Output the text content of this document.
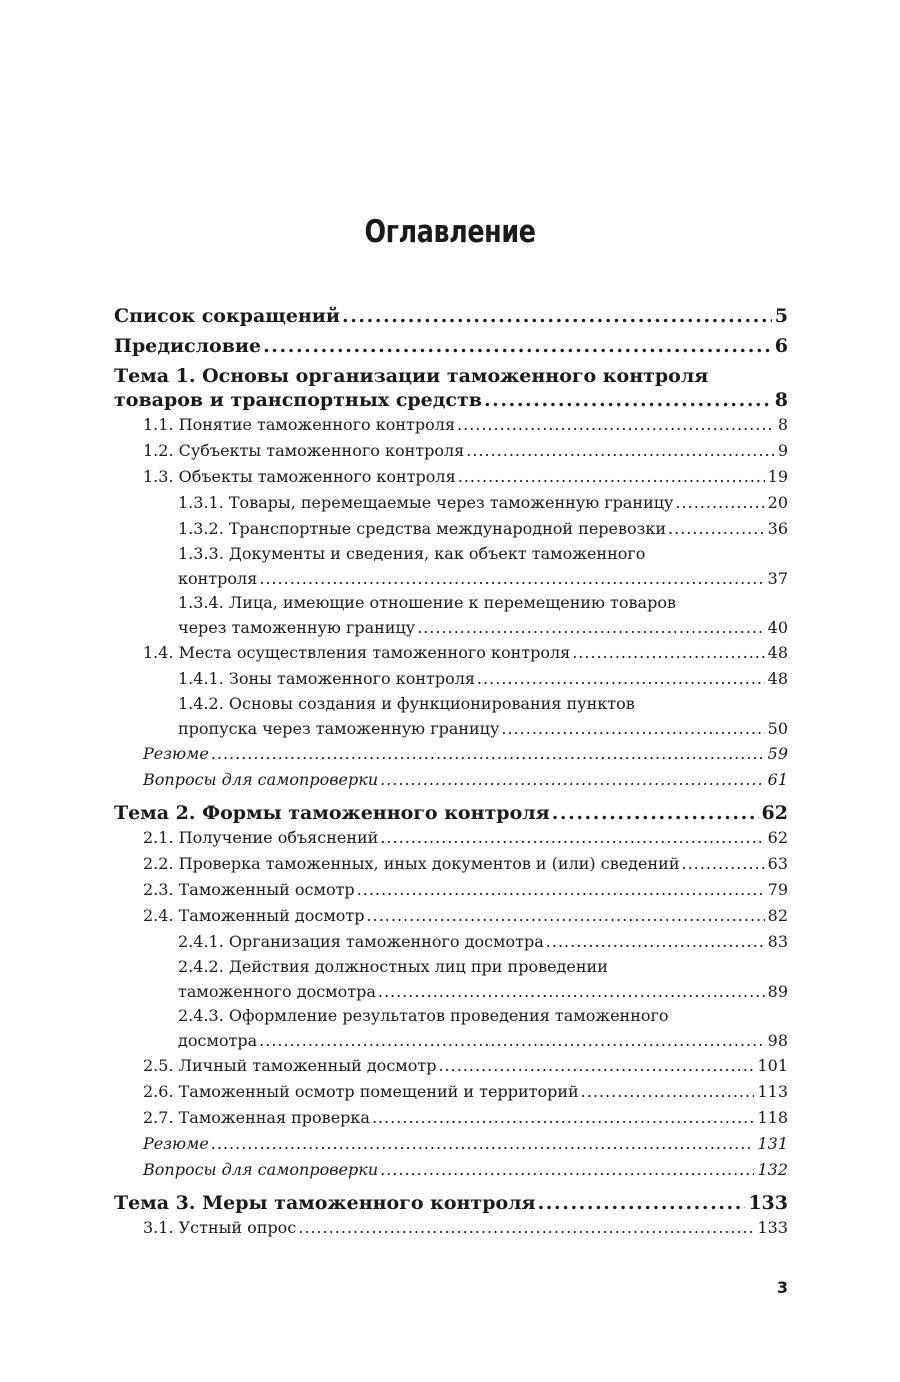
Оглавление
Список сокращений .....	5
Предисловие .....	6
Тема 1. Основы организации таможенного контроля
товаров и транспортных средств .....	8
1.1. Понятие таможенного контроля .....	8
1.2. Субъекты таможенного контроля .....	9
1.3. Объекты таможенного контроля .....	19
1.3.1. Товары, перемещаемые через таможенную границу .....	20
1.3.2. Транспортные средства международной перевозки .....	36
1.3.3. Документы и сведения, как объект таможенного
контроля .....	37
1.3.4. Лица, имеющие отношение к перемещению товаров
через таможенную границу .....	40
1.4. Места осуществления таможенного контроля .....	48
1.4.1. Зоны таможенного контроля .....	48
1.4.2. Основы создания и функционирования пунктов
пропуска через таможенную границу .....	50
Резюме .....	59
Вопросы для самопроверки .....	61
Тема 2. Формы таможенного контроля .....	62
2.1. Получение объяснений .....	62
2.2. Проверка таможенных, иных документов и (или) сведений .....	63
2.3. Таможенный осмотр .....	79
2.4. Таможенный досмотр .....	82
2.4.1. Организация таможенного досмотра .....	83
2.4.2. Действия должностных лиц при проведении
таможенного досмотра .....	89
2.4.3. Оформление результатов проведения таможенного
досмотра .....	98
2.5. Личный таможенный досмотр .....	101
2.6. Таможенный осмотр помещений и территорий .....	113
2.7. Таможенная проверка .....	118
Резюме .....	131
Вопросы для самопроверки .....	132
Тема 3. Меры таможенного контроля .....	133
3.1. Устный опрос .....	133
3
